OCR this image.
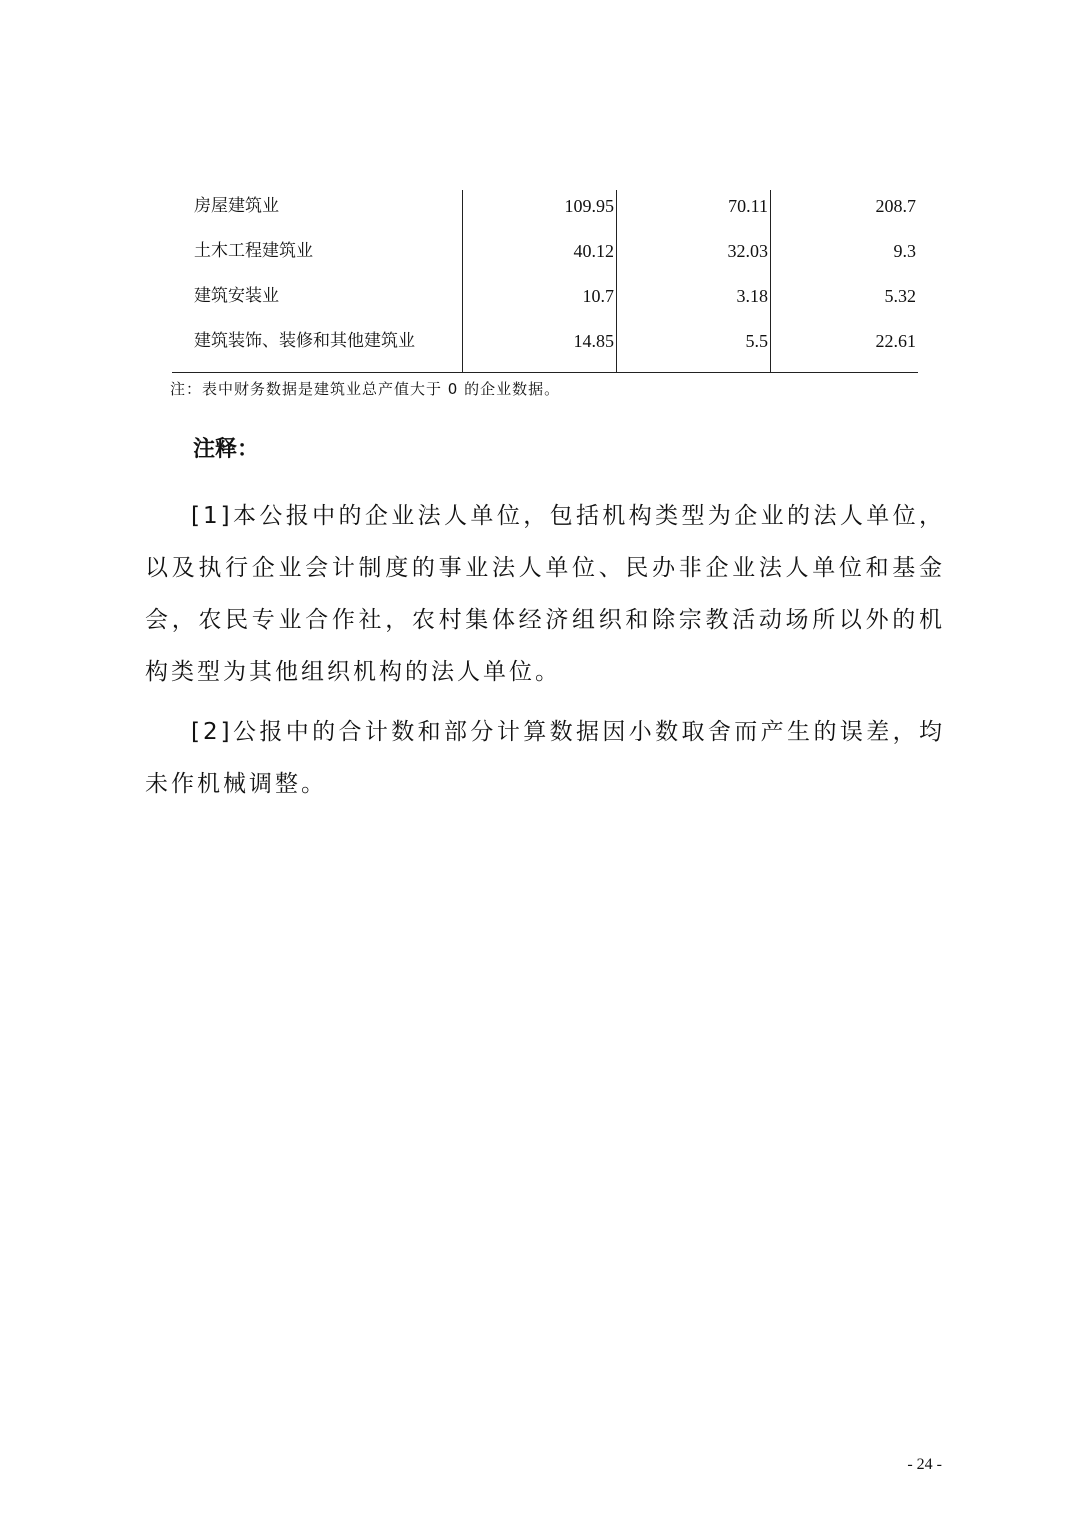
房屋建筑业	109.95	70.11	208.7
土木工程建筑业	40.12	32.03	9.3
建筑安装业	10.7	3.18	5.32
建筑装饰、装修和其他建筑业	14.85	5.5	22.61
注：表中财务数据是建筑业总产值大于 0 的企业数据。
注释：

[1]本公报中的企业法人单位，包括机构类型为企业的法人单位，以及执行企业会计制度的事业法人单位、民办非企业法人单位和基金会，农民专业合作社，农村集体经济组织和除宗教活动场所以外的机构类型为其他组织机构的法人单位。

[2]公报中的合计数和部分计算数据因小数取舍而产生的误差，均未作机械调整。

- 24 -
